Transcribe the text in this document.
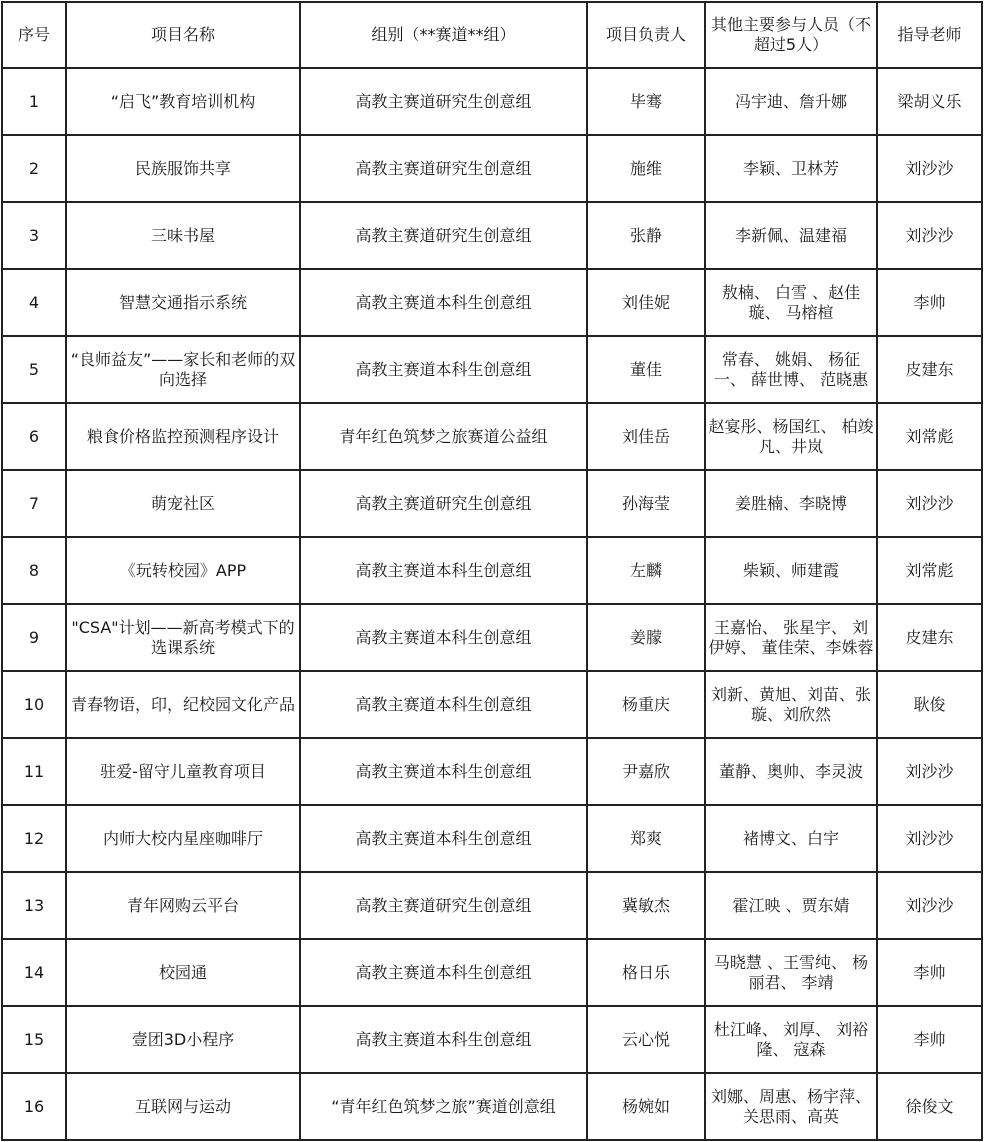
序号	项目名称	组别（**赛道**组）	项目负责人	其他主要参与人员（不超过5人）	指导老师
1	“启飞”教育培训机构	高教主赛道研究生创意组	毕骞	冯宇迪、詹升娜	梁胡义乐
2	民族服饰共享	高教主赛道研究生创意组	施维	李颖、卫林芳	刘沙沙
3	三味书屋	高教主赛道研究生创意组	张静	李新佩、温建福	刘沙沙
4	智慧交通指示系统	高教主赛道本科生创意组	刘佳妮	敖楠、 白雪 、赵佳璇、 马榕楦	李帅
5	“良师益友”——家长和老师的双向选择	高教主赛道本科生创意组	董佳	常春、 姚娟、 杨征一、 薛世博、 范晓惠	皮建东
6	粮食价格监控预测程序设计	青年红色筑梦之旅赛道公益组	刘佳岳	赵宴彤、杨国红、 柏竣凡、井岚	刘常彪
7	萌宠社区	高教主赛道研究生创意组	孙海莹	姜胜楠、李晓博	刘沙沙
8	《玩转校园》APP	高教主赛道本科生创意组	左麟	柴颖、师建霞	刘常彪
9	"CSA"计划——新高考模式下的选课系统	高教主赛道本科生创意组	姜朦	王嘉怡、 张星宇、 刘伊婷、 董佳荣、李姝蓉	皮建东
10	青春物语，印，纪校园文化产品	高教主赛道本科生创意组	杨重庆	刘新、黄旭、刘苗、张璇、刘欣然	耿俊
11	驻爱-留守儿童教育项目	高教主赛道本科生创意组	尹嘉欣	董静、奥帅、李灵波	刘沙沙
12	内师大校内星座咖啡厅	高教主赛道本科生创意组	郑爽	褚博文、白宇	刘沙沙
13	青年网购云平台	高教主赛道研究生创意组	冀敏杰	霍江映 、贾东婧	刘沙沙
14	校园通	高教主赛道本科生创意组	格日乐	马晓慧 、王雪纯、 杨丽君、 李靖	李帅
15	壹团3D小程序	高教主赛道本科生创意组	云心悦	杜江峰、 刘厚、 刘裕隆、 寇森	李帅
16	互联网与运动	“青年红色筑梦之旅”赛道创意组	杨婉如	刘娜、周惠、杨宇萍、关思雨、高英	徐俊文
